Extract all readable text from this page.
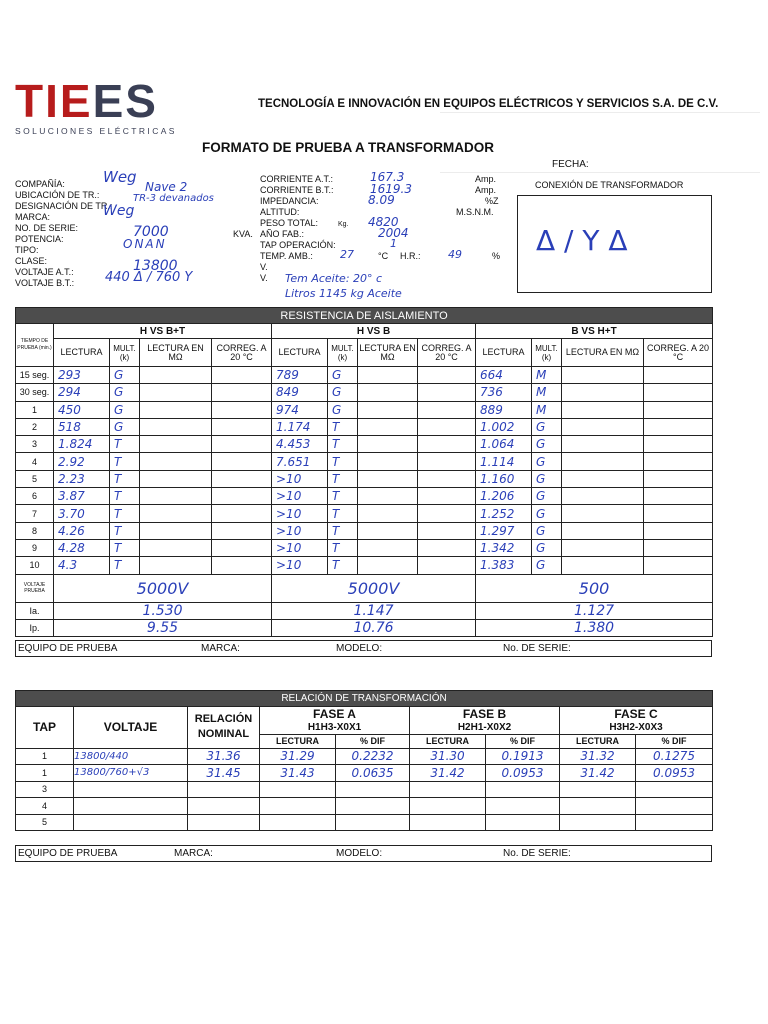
TIEES
SOLUCIONES ELÉCTRICAS
TECNOLOGÍA E INNOVACIÓN EN EQUIPOS ELÉCTRICOS Y SERVICIOS S.A. DE C.V.
FORMATO DE PRUEBA A TRANSFORMADOR
FECHA:
CONEXIÓN DE TRANSFORMADOR
Δ / Y Δ
COMPAÑÍA:	Weg
UBICACIÓN DE TR.:
Nave 2
DESIGNACIÓN DE TR.:
TR-3 devanados
MARCA:	Weg
NO. DE SERIE:
POTENCIA:	7000	KVA.
TIPO:	ONAN
CLASE:
VOLTAJE A.T.:	13800	V.
VOLTAJE B.T.: 440 Δ / 760 Y	V.
CORRIENTE A.T.:	167.3	Amp.
CORRIENTE B.T.:	1619.3	Amp.
IMPEDANCIA:	8.09	%Z
ALTITUD:	M.S.N.M.
PESO TOTAL:	Kg. 4820
AÑO FAB.:	2004
TAP OPERACIÓN:	1
TEMP. AMB.: 27	°C H.R.: 49	%
Tem Aceite: 20° c
Litros 1145 kg Aceite
RESISTENCIA DE AISLAMIENTO												
TIEMPO DE PRUEBA (min.)	H VS B+T				H VS B				B VS H+T			
	LECTURA	MULT. (k)	LECTURA EN MΩ	CORREG. A 20 °C	LECTURA	MULT. (k)	LECTURA EN MΩ	CORREG. A 20 °C	LECTURA	MULT. (k)	LECTURA EN MΩ	CORREG. A 20 °C
15 seg.	293	G			789	G			664	M		
30 seg.	294	G			849	G			736	M		
1	450	G			974	G			889	M		
2	518	G			1.174	T			1.002	G		
3	1.824	T			4.453	T			1.064	G		
4	2.92	T			7.651	T			1.114	G		
5	2.23	T			>10	T			1.160	G		
6	3.87	T			>10	T			1.206	G		
7	3.70	T			>10	T			1.252	G		
8	4.26	T			>10	T			1.297	G		
9	4.28	T			>10	T			1.342	G		
10	4.3	T			>10	T			1.383	G		
VOLTAJE PRUEBA	5000V				5000V				500			
Ia.	1.530				1.147				1.127			
Ip.	9.55				10.76				1.380			
EQUIPO DE PRUEBA	MARCA:	MODELO:	No. DE SERIE:
RELACIÓN DE TRANSFORMACIÓN								
TAP	VOLTAJE	RELACIÓN NOMINAL	FASE A		FASE B		FASE C	
			H1H3-X0X1		H2H1-X0X2		H3H2-X0X3	
			LECTURA	% DIF	LECTURA	% DIF	LECTURA	% DIF
1	13800/440	31.36	31.29	0.2232	31.30	0.1913	31.32	0.1275
1	13800/760+√3	31.45	31.43	0.0635	31.42	0.0953	31.42	0.0953
3								
4								
5								
EQUIPO DE PRUEBA	MARCA:	MODELO:	No. DE SERIE:
